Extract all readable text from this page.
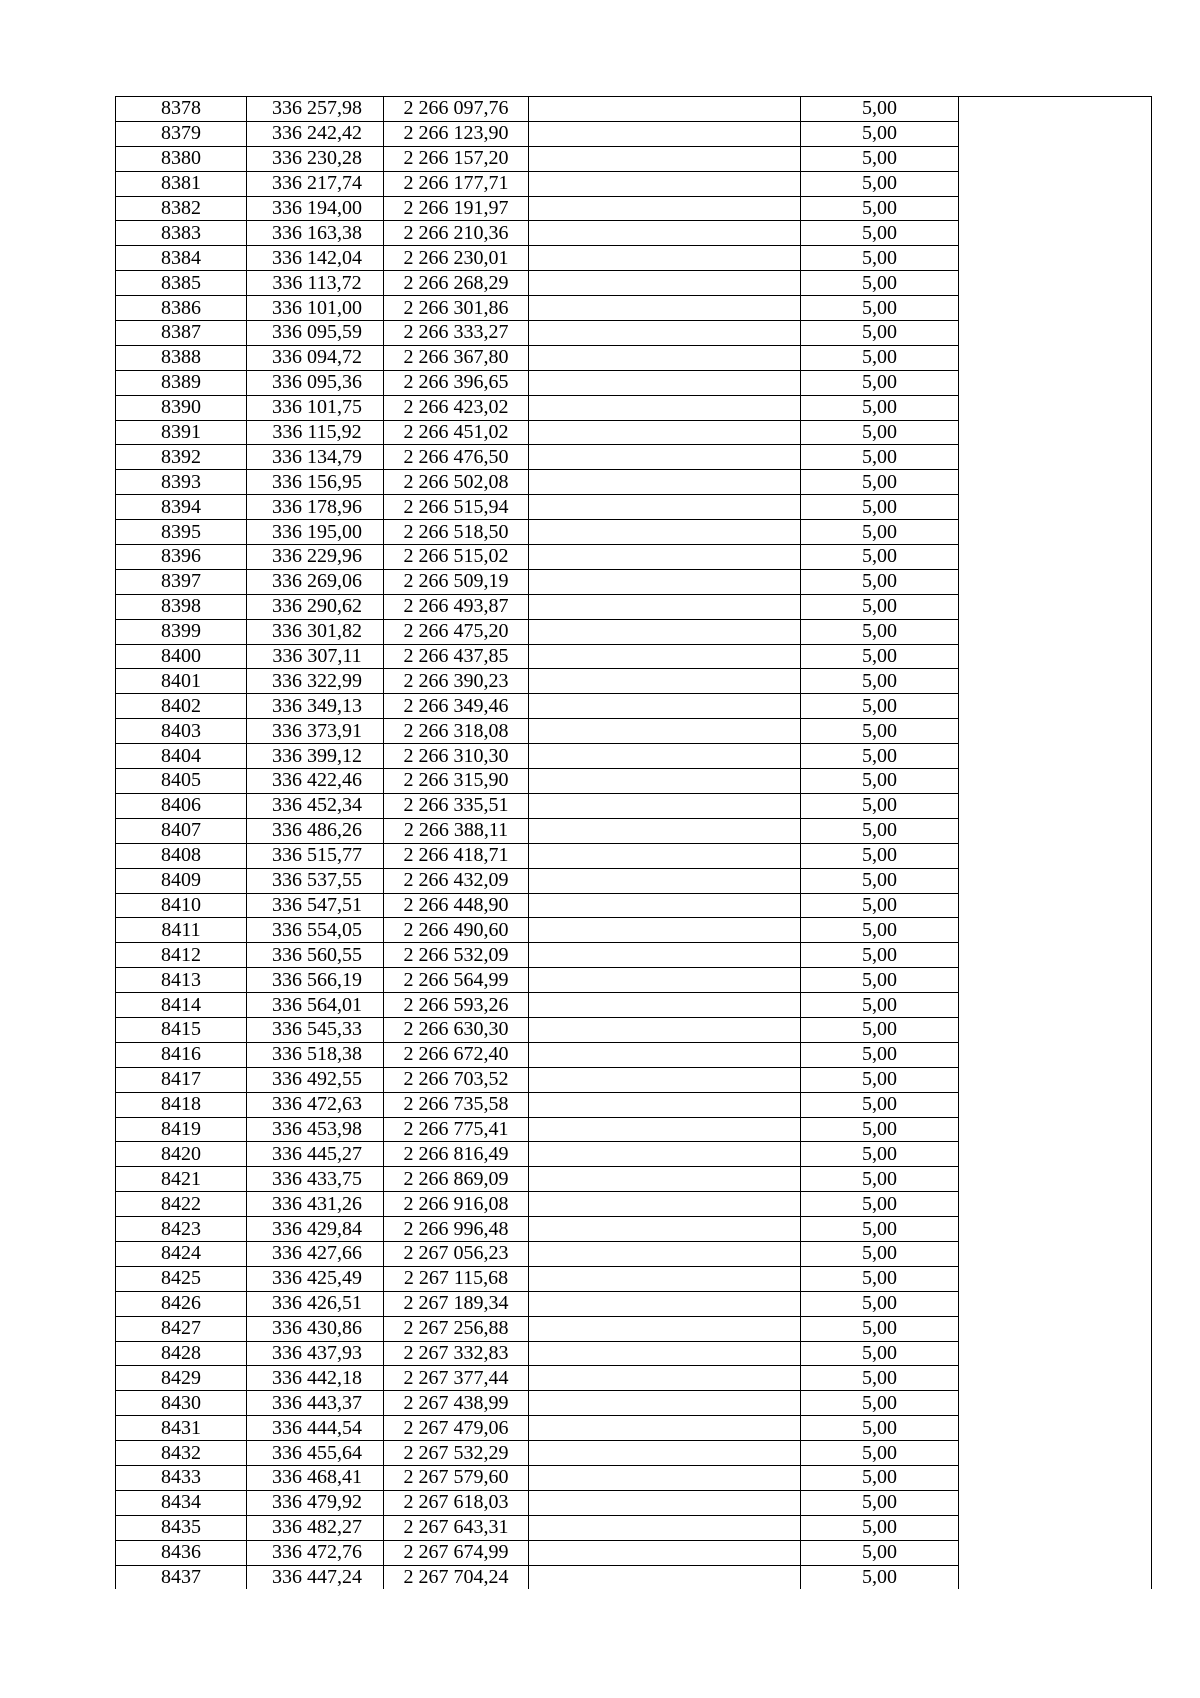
8378	336 257,98	2 266 097,76		5,00	
8379	336 242,42	2 266 123,90		5,00	
8380	336 230,28	2 266 157,20		5,00	
8381	336 217,74	2 266 177,71		5,00	
8382	336 194,00	2 266 191,97		5,00	
8383	336 163,38	2 266 210,36		5,00	
8384	336 142,04	2 266 230,01		5,00	
8385	336 113,72	2 266 268,29		5,00	
8386	336 101,00	2 266 301,86		5,00	
8387	336 095,59	2 266 333,27		5,00	
8388	336 094,72	2 266 367,80		5,00	
8389	336 095,36	2 266 396,65		5,00	
8390	336 101,75	2 266 423,02		5,00	
8391	336 115,92	2 266 451,02		5,00	
8392	336 134,79	2 266 476,50		5,00	
8393	336 156,95	2 266 502,08		5,00	
8394	336 178,96	2 266 515,94		5,00	
8395	336 195,00	2 266 518,50		5,00	
8396	336 229,96	2 266 515,02		5,00	
8397	336 269,06	2 266 509,19		5,00	
8398	336 290,62	2 266 493,87		5,00	
8399	336 301,82	2 266 475,20		5,00	
8400	336 307,11	2 266 437,85		5,00	
8401	336 322,99	2 266 390,23		5,00	
8402	336 349,13	2 266 349,46		5,00	
8403	336 373,91	2 266 318,08		5,00	
8404	336 399,12	2 266 310,30		5,00	
8405	336 422,46	2 266 315,90		5,00	
8406	336 452,34	2 266 335,51		5,00	
8407	336 486,26	2 266 388,11		5,00	
8408	336 515,77	2 266 418,71		5,00	
8409	336 537,55	2 266 432,09		5,00	
8410	336 547,51	2 266 448,90		5,00	
8411	336 554,05	2 266 490,60		5,00	
8412	336 560,55	2 266 532,09		5,00	
8413	336 566,19	2 266 564,99		5,00	
8414	336 564,01	2 266 593,26		5,00	
8415	336 545,33	2 266 630,30		5,00	
8416	336 518,38	2 266 672,40		5,00	
8417	336 492,55	2 266 703,52		5,00	
8418	336 472,63	2 266 735,58		5,00	
8419	336 453,98	2 266 775,41		5,00	
8420	336 445,27	2 266 816,49		5,00	
8421	336 433,75	2 266 869,09		5,00	
8422	336 431,26	2 266 916,08		5,00	
8423	336 429,84	2 266 996,48		5,00	
8424	336 427,66	2 267 056,23		5,00	
8425	336 425,49	2 267 115,68		5,00	
8426	336 426,51	2 267 189,34		5,00	
8427	336 430,86	2 267 256,88		5,00	
8428	336 437,93	2 267 332,83		5,00	
8429	336 442,18	2 267 377,44		5,00	
8430	336 443,37	2 267 438,99		5,00	
8431	336 444,54	2 267 479,06		5,00	
8432	336 455,64	2 267 532,29		5,00	
8433	336 468,41	2 267 579,60		5,00	
8434	336 479,92	2 267 618,03		5,00	
8435	336 482,27	2 267 643,31		5,00	
8436	336 472,76	2 267 674,99		5,00	
8437	336 447,24	2 267 704,24		5,00	
